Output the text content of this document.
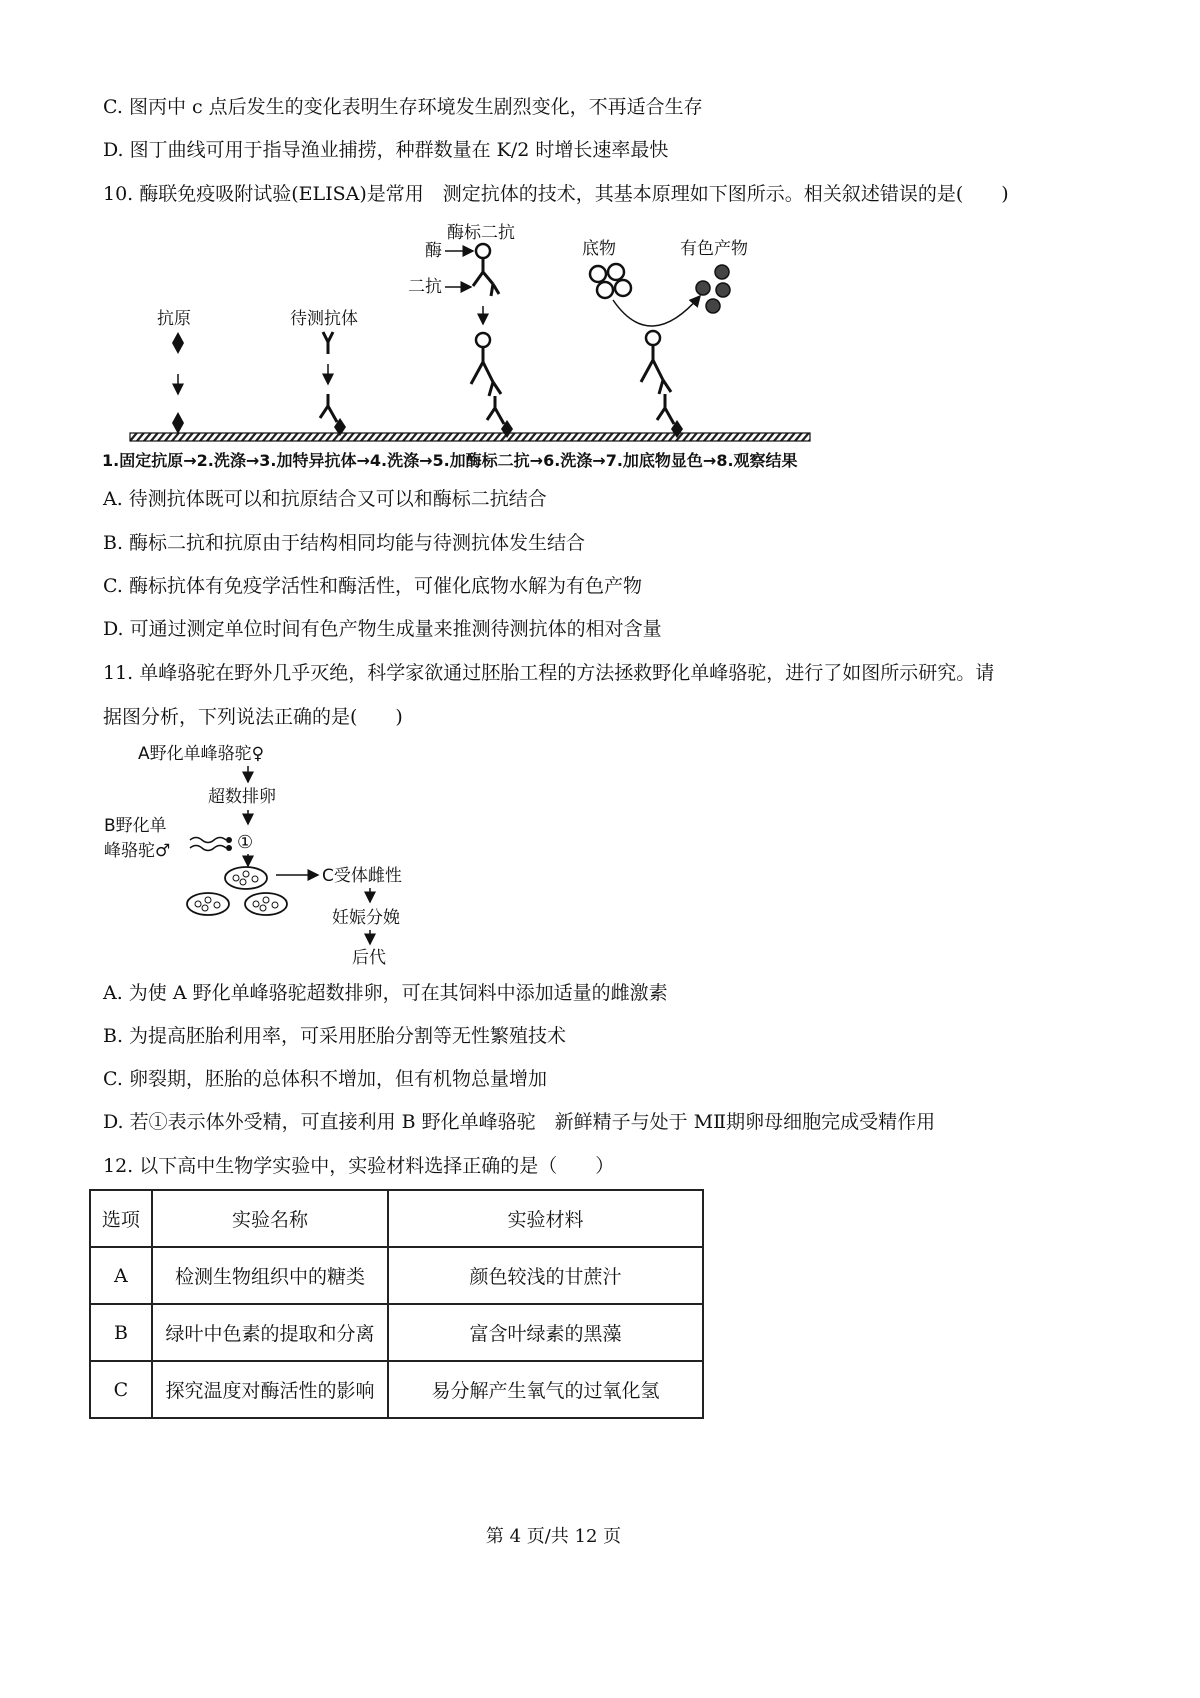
C. 图丙中 c 点后发生的变化表明生存环境发生剧烈变化，不再适合生存
D. 图丁曲线可用于指导渔业捕捞，种群数量在 K/2 时增长速率最快
10. 酶联免疫吸附试验(ELISA)是常用　测定抗体的技术，其基本原理如下图所示。相关叙述错误的是(　　)
抗原	待测抗体
酶标二抗
酶
二抗
底物	有色产物
1.固定抗原→2.洗涤→3.加特异抗体→4.洗涤→5.加酶标二抗→6.洗涤→7.加底物显色→8.观察结果
A. 待测抗体既可以和抗原结合又可以和酶标二抗结合
B. 酶标二抗和抗原由于结构相同均能与待测抗体发生结合
C. 酶标抗体有免疫学活性和酶活性，可催化底物水解为有色产物
D. 可通过测定单位时间有色产物生成量来推测待测抗体的相对含量
11. 单峰骆驼在野外几乎灭绝，科学家欲通过胚胎工程的方法拯救野化单峰骆驼，进行了如图所示研究。请
据图分析，下列说法正确的是(　　)
A野化单峰骆驼♀
超数排卵
B野化单
峰骆驼♂	①
C受体雌性
妊娠分娩
后代
A. 为使 A 野化单峰骆驼超数排卵，可在其饲料中添加适量的雌激素
B. 为提高胚胎利用率，可采用胚胎分割等无性繁殖技术
C. 卵裂期，胚胎的总体积不增加，但有机物总量增加
D. 若①表示体外受精，可直接利用 B 野化单峰骆驼　新鲜精子与处于 MⅡ期卵母细胞完成受精作用
12. 以下高中生物学实验中，实验材料选择正确的是（　　）
选项	实验名称	实验材料
A	检测生物组织中的糖类	颜色较浅的甘蔗汁
B	绿叶中色素的提取和分离	富含叶绿素的黑藻
C	探究温度对酶活性的影响	易分解产生氧气的过氧化氢
第 4 页/共 12 页
